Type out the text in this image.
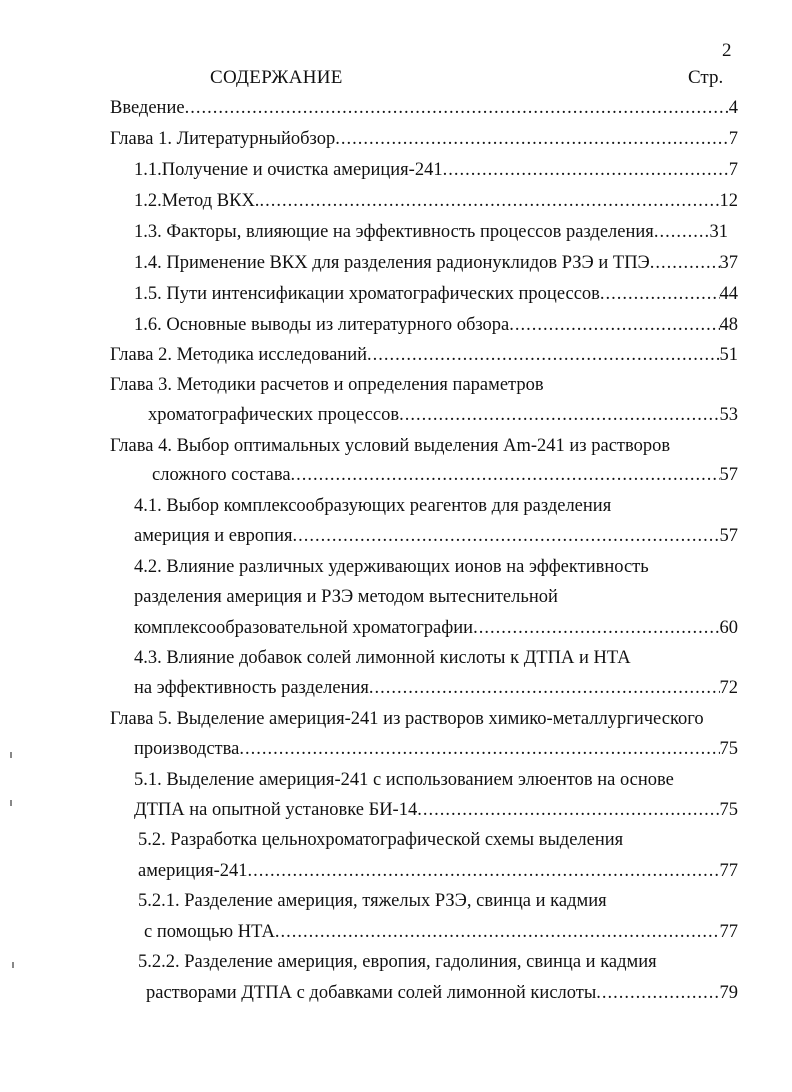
2
СОДЕРЖАНИЕ	Стр.
Введение .....	4
Глава 1. Литературныйобзор .....	7
1.1.Получение и очистка америция-241 .....	7
1.2.Метод ВКХ. .....	12
1.3. Факторы, влияющие на эффективность процессов разделения .....	31
1.4. Применение ВКХ для разделения радионуклидов РЗЭ и ТПЭ .....	37
1.5. Пути интенсификации хроматографических процессов .....	44
1.6. Основные выводы из литературного обзора .....	48
Глава 2. Методика исследований .....	51
Глава 3. Методики расчетов и определения параметров
хроматографических процессов .....	53
Глава 4. Выбор оптимальных условий выделения Am-241 из растворов
сложного состава .....	57
4.1. Выбор комплексообразующих реагентов для разделения
америция и европия .....	57
4.2. Влияние различных удерживающих ионов на эффективность
разделения америция и РЗЭ методом вытеснительной
комплексообразовательной хроматографии .....	60
4.3. Влияние добавок солей лимонной кислоты к ДТПА и НТА
на эффективность разделения .....	72
Глава 5. Выделение америция-241 из растворов химико-металлургического
производства .....	75
5.1. Выделение америция-241 с использованием элюентов на основе
ДТПА на опытной установке БИ-14 .....	75
5.2. Разработка цельнохроматографической схемы выделения
америция-241 .....	77
5.2.1. Разделение америция, тяжелых РЗЭ, свинца и кадмия
с помощью НТА .....	77
5.2.2. Разделение америция, европия, гадолиния, свинца и кадмия
растворами ДТПА с добавками солей лимонной кислоты .....	79
